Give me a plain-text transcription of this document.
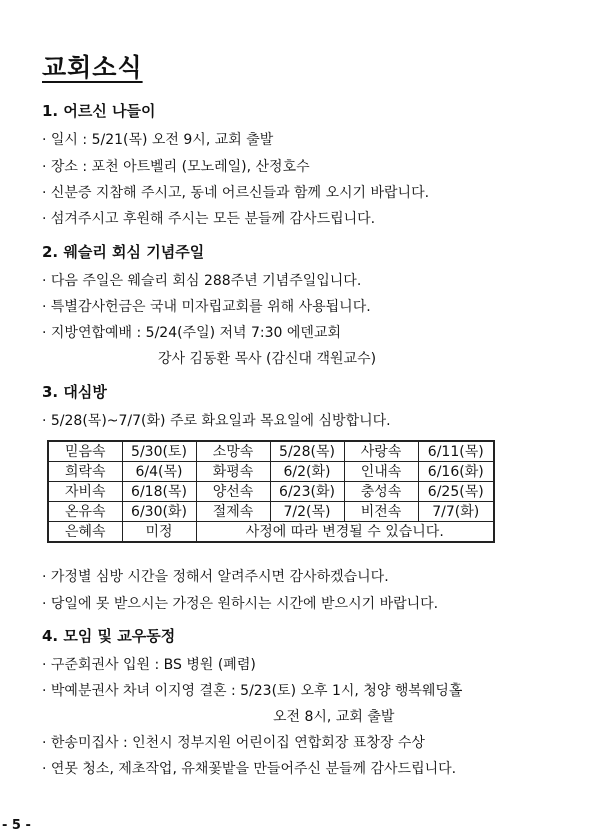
교회소식
1. 어르신 나들이
· 일시 : 5/21(목) 오전 9시, 교회 출발
· 장소 : 포천 아트벨리 (모노레일), 산정호수
· 신분증 지참해 주시고, 동네 어르신들과 함께 오시기 바랍니다.
· 섬겨주시고 후원해 주시는 모든 분들께 감사드립니다.
2. 웨슬리 회심 기념주일
· 다음 주일은 웨슬리 회심 288주년 기념주일입니다.
· 특별감사헌금은 국내 미자립교회를 위해 사용됩니다.
· 지방연합예배 : 5/24(주일) 저녁 7:30 에덴교회
강사 김동환 목사 (감신대 객원교수)
3. 대심방
· 5/28(목)~7/7(화) 주로 화요일과 목요일에 심방합니다.
믿음속	5/30(토)	소망속	5/28(목)	사랑속	6/11(목)
희락속	6/4(목)	화평속	6/2(화)	인내속	6/16(화)
자비속	6/18(목)	양선속	6/23(화)	충성속	6/25(목)
온유속	6/30(화)	절제속	7/2(목)	비전속	7/7(화)
은혜속	미정	사정에 따라 변경될 수 있습니다.			
· 가정별 심방 시간을 정해서 알려주시면 감사하겠습니다.
· 당일에 못 받으시는 가정은 원하시는 시간에 받으시기 바랍니다.
4. 모임 및 교우동정
· 구준회권사 입원 : BS 병원 (폐렴)
· 박예분권사 차녀 이지영 결혼 : 5/23(토) 오후 1시, 청양 행복웨딩홀
오전 8시, 교회 출발
· 한송미집사 : 인천시 정부지원 어린이집 연합회장 표창장 수상
· 연못 청소, 제초작업, 유채꽃밭을 만들어주신 분들께 감사드립니다.
- 5 -
